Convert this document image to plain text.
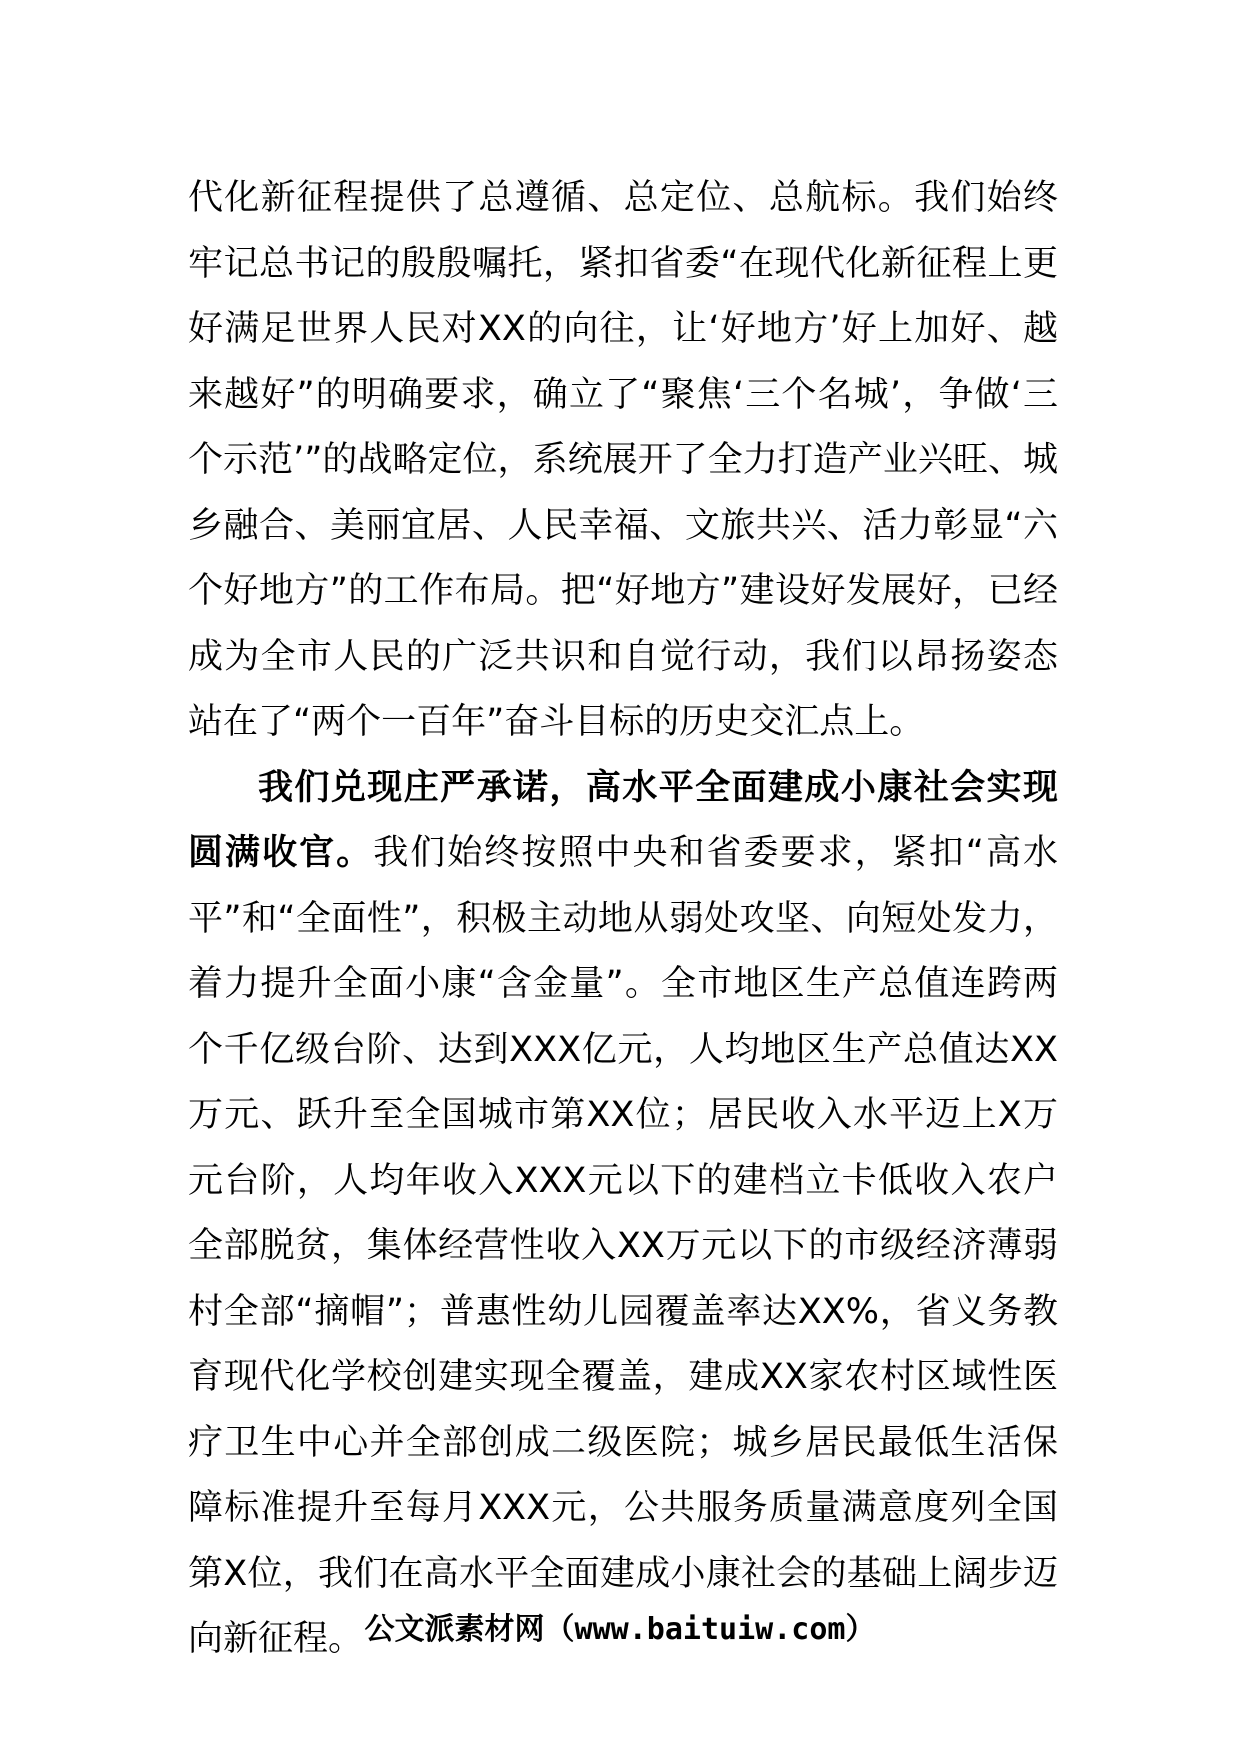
代化新征程提供了总遵循、总定位、总航标。我们始终牢记总书记的殷殷嘱托，紧扣省委“在现代化新征程上更好满足世界人民对XX的向往，让‘好地方’好上加好、越来越好”的明确要求，确立了“聚焦‘三个名城’，争做‘三个示范’”的战略定位，系统展开了全力打造产业兴旺、城乡融合、美丽宜居、人民幸福、文旅共兴、活力彰显“六个好地方”的工作布局。把“好地方”建设好发展好，已经成为全市人民的广泛共识和自觉行动，我们以昂扬姿态站在了“两个一百年”奋斗目标的历史交汇点上。

我们兑现庄严承诺，高水平全面建成小康社会实现圆满收官。我们始终按照中央和省委要求，紧扣“高水平”和“全面性”，积极主动地从弱处攻坚、向短处发力，着力提升全面小康“含金量”。全市地区生产总值连跨两个千亿级台阶、达到XXX亿元，人均地区生产总值达XX万元、跃升至全国城市第XX位；居民收入水平迈上X万元台阶，人均年收入XXX元以下的建档立卡低收入农户全部脱贫，集体经营性收入XX万元以下的市级经济薄弱村全部“摘帽”；普惠性幼儿园覆盖率达XX%，省义务教育现代化学校创建实现全覆盖，建成XX家农村区域性医疗卫生中心并全部创成二级医院；城乡居民最低生活保障标准提升至每月XXX元，公共服务质量满意度列全国第X位，我们在高水平全面建成小康社会的基础上阔步迈向新征程。 公文派素材网（www.baituiw.com）
